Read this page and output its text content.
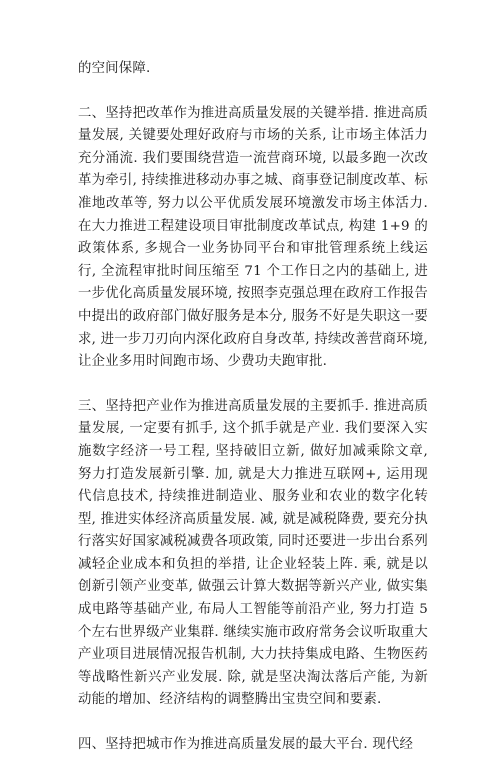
的空间保障.

二、坚持把改革作为推进高质量发展的关键举措. 推进高质量发展, 关键要处理好政府与市场的关系, 让市场主体活力充分涌流. 我们要围绕营造一流营商环境, 以最多跑一次改革为牵引, 持续推进移动办事之城、商事登记制度改革、标准地改革等, 努力以公平优质发展环境激发市场主体活力. 在大力推进工程建设项目审批制度改革试点, 构建 1+9 的政策体系, 多规合一业务协同平台和审批管理系统上线运行, 全流程审批时间压缩至 71 个工作日之内的基础上, 进一步优化高质量发展环境, 按照李克强总理在政府工作报告中提出的政府部门做好服务是本分, 服务不好是失职这一要求, 进一步刀刃向内深化政府自身改革, 持续改善营商环境, 让企业多用时间跑市场、少费功夫跑审批.

三、坚持把产业作为推进高质量发展的主要抓手. 推进高质量发展, 一定要有抓手, 这个抓手就是产业. 我们要深入实施数字经济一号工程, 坚持破旧立新, 做好加减乘除文章, 努力打造发展新引擎. 加, 就是大力推进互联网+, 运用现代信息技术, 持续推进制造业、服务业和农业的数字化转型, 推进实体经济高质量发展. 减, 就是减税降费, 要充分执行落实好国家减税减费各项政策, 同时还要进一步出台系列减轻企业成本和负担的举措, 让企业轻装上阵. 乘, 就是以创新引领产业变革, 做强云计算大数据等新兴产业, 做实集成电路等基础产业, 布局人工智能等前沿产业, 努力打造 5 个左右世界级产业集群. 继续实施市政府常务会议听取重大产业项目进展情况报告机制, 大力扶持集成电路、生物医药等战略性新兴产业发展. 除, 就是坚决淘汰落后产能, 为新动能的增加、经济结构的调整腾出宝贵空间和要素.

四、坚持把城市作为推进高质量发展的最大平台. 现代经
